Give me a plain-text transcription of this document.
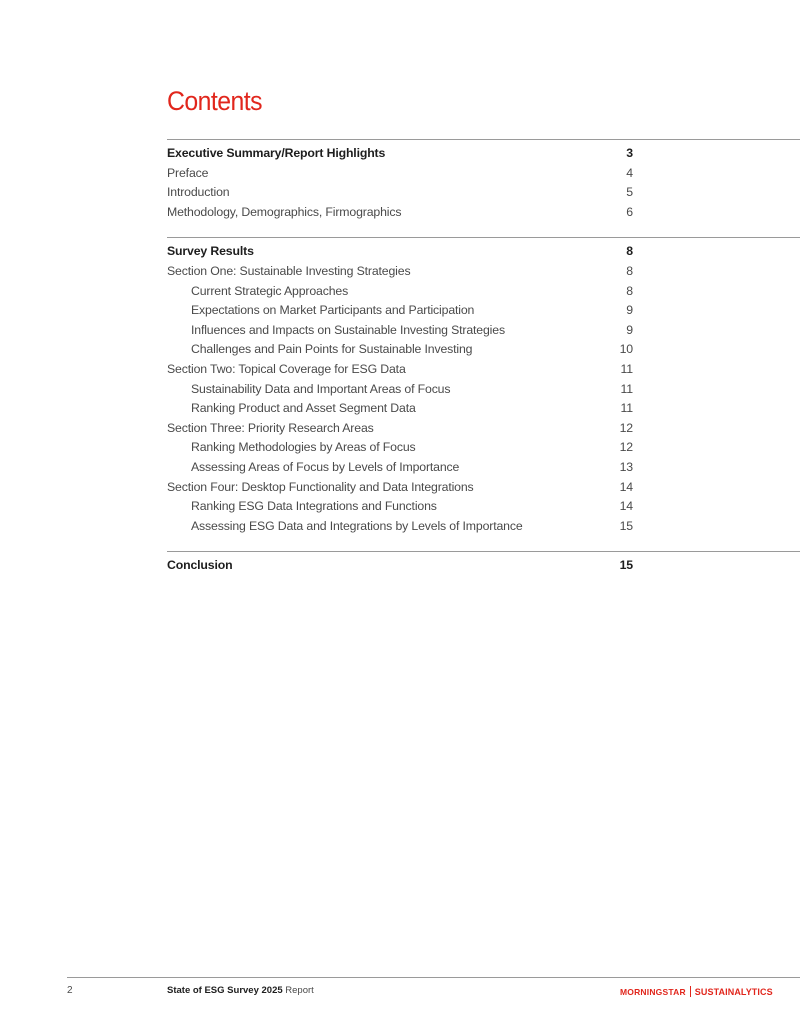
Contents
Executive Summary/Report Highlights	3
Preface	4
Introduction	5
Methodology, Demographics, Firmographics	6
Survey Results	8
Section One: Sustainable Investing Strategies	8
Current Strategic Approaches	8
Expectations on Market Participants and Participation	9
Influences and Impacts on Sustainable Investing Strategies	9
Challenges and Pain Points for Sustainable Investing	10
Section Two: Topical Coverage for ESG Data	11
Sustainability Data and Important Areas of Focus	11
Ranking Product and Asset Segment Data	11
Section Three: Priority Research Areas	12
Ranking Methodologies by Areas of Focus	12
Assessing Areas of Focus by Levels of Importance	13
Section Four: Desktop Functionality and Data Integrations	14
Ranking ESG Data Integrations and Functions	14
Assessing ESG Data and Integrations by Levels of Importance	15
Conclusion	15
2	State of ESG Survey 2025 Report	MORNINGSTAR SUSTAINALYTICS
